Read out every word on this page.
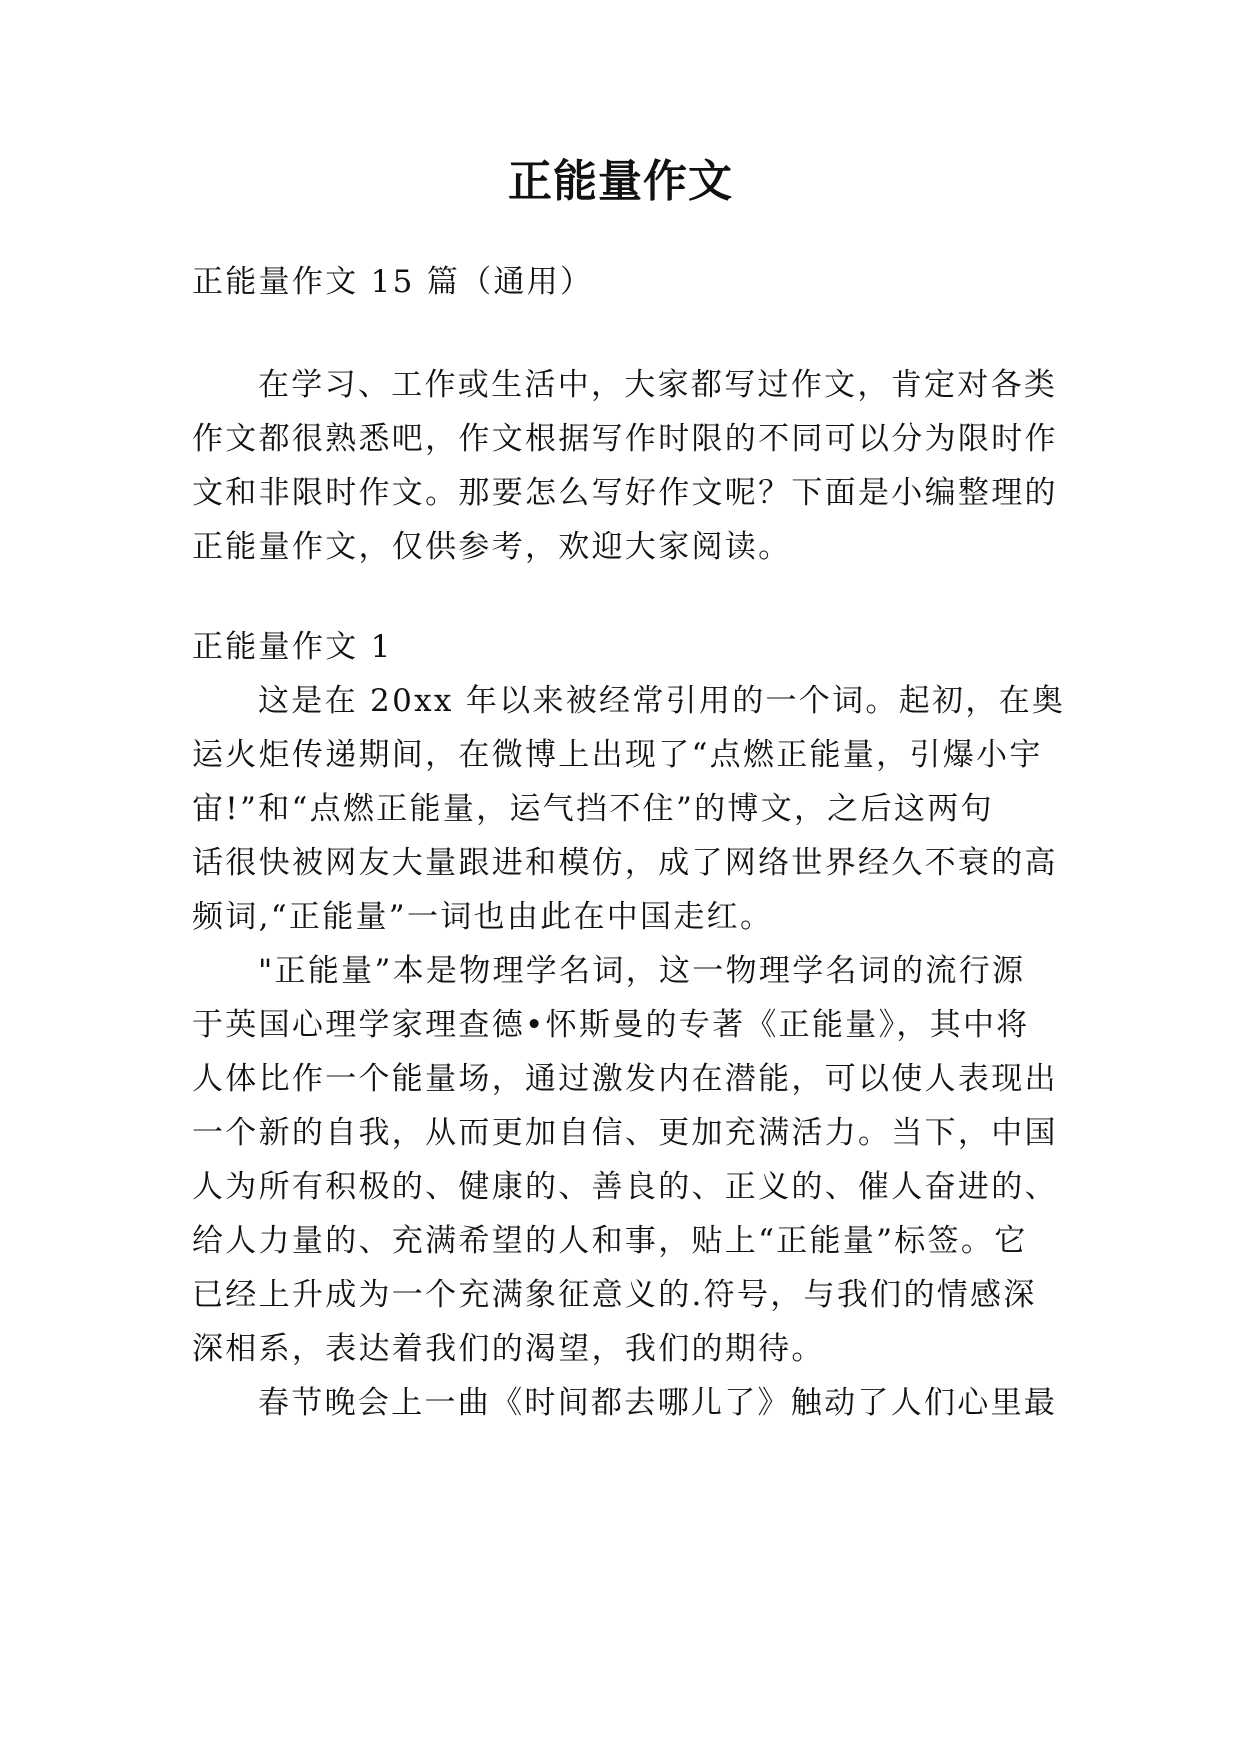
正能量作文
正能量作文 15 篇（通用）
在学习、工作或生活中，大家都写过作文，肯定对各类
作文都很熟悉吧，作文根据写作时限的不同可以分为限时作
文和非限时作文。那要怎么写好作文呢？下面是小编整理的
正能量作文，仅供参考，欢迎大家阅读。
正能量作文 1
这是在 20xx 年以来被经常引用的一个词。起初，在奥
运火炬传递期间，在微博上出现了“点燃正能量，引爆小宇
宙!”和“点燃正能量，运气挡不住”的博文，之后这两句
话很快被网友大量跟进和模仿，成了网络世界经久不衰的高
频词,“正能量”一词也由此在中国走红。
"正能量”本是物理学名词，这一物理学名词的流行源
于英国心理学家理查德•怀斯曼的专著《正能量》，其中将
人体比作一个能量场，通过激发内在潜能，可以使人表现出
一个新的自我，从而更加自信、更加充满活力。当下，中国
人为所有积极的、健康的、善良的、正义的、催人奋进的、
给人力量的、充满希望的人和事，贴上“正能量”标签。它
已经上升成为一个充满象征意义的.符号，与我们的情感深
深相系，表达着我们的渴望，我们的期待。
春节晚会上一曲《时间都去哪儿了》触动了人们心里最
